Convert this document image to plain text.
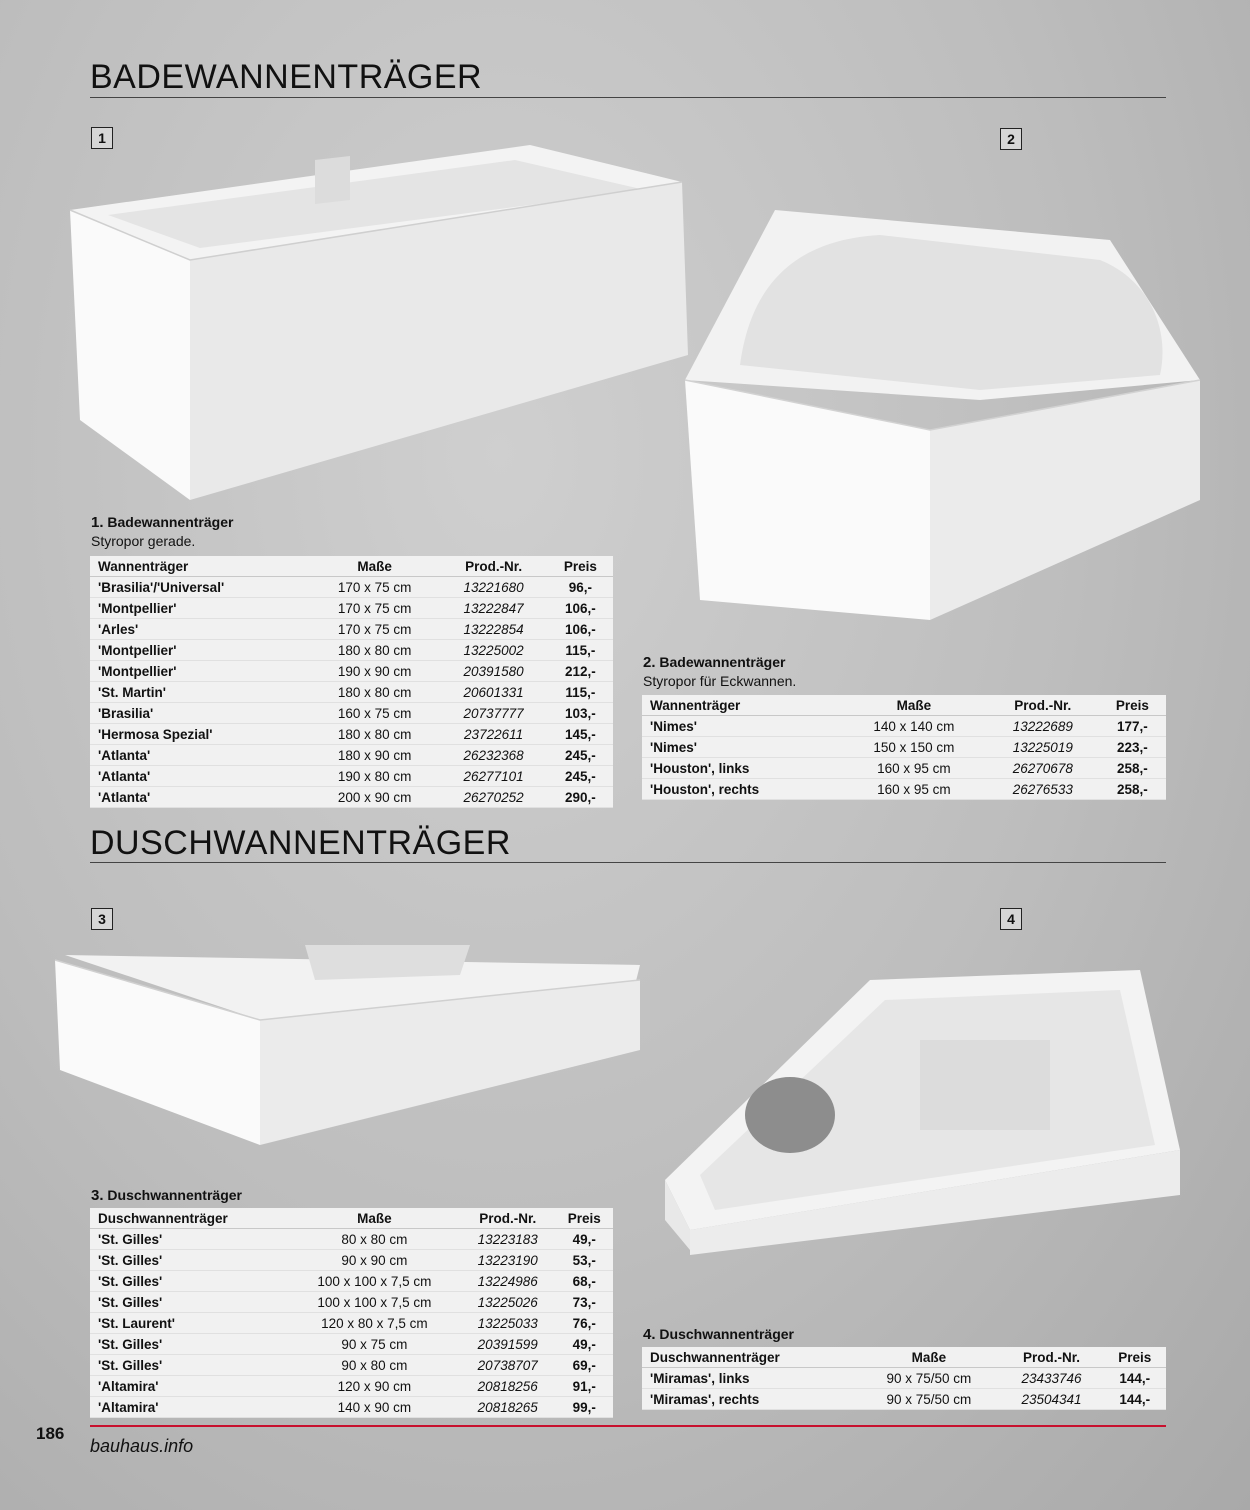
BADEWANNENTRÄGER
DUSCHWANNENTRÄGER
1	2
3	4
1. Badewannenträger
Styropor gerade.
Wannenträger	Maße	Prod.-Nr.	Preis
'Brasilia'/'Universal'	170 x 75 cm	13221680	96,-
'Montpellier'	170 x 75 cm	13222847	106,-
'Arles'	170 x 75 cm	13222854	106,-
'Montpellier'	180 x 80 cm	13225002	115,-
'Montpellier'	190 x 90 cm	20391580	212,-
'St. Martin'	180 x 80 cm	20601331	115,-
'Brasilia'	160 x 75 cm	20737777	103,-
'Hermosa Spezial'	180 x 80 cm	23722611	145,-
'Atlanta'	180 x 90 cm	26232368	245,-
'Atlanta'	190 x 80 cm	26277101	245,-
'Atlanta'	200 x 90 cm	26270252	290,-
2. Badewannenträger
Styropor für Eckwannen.
Wannenträger	Maße	Prod.-Nr.	Preis
'Nimes'	140 x 140 cm	13222689	177,-
'Nimes'	150 x 150 cm	13225019	223,-
'Houston', links	160 x 95 cm	26270678	258,-
'Houston', rechts	160 x 95 cm	26276533	258,-
3. Duschwannenträger
Duschwannenträger	Maße	Prod.-Nr.	Preis
'St. Gilles'	80 x 80 cm	13223183	49,-
'St. Gilles'	90 x 90 cm	13223190	53,-
'St. Gilles'	100 x 100 x 7,5 cm	13224986	68,-
'St. Gilles'	100 x 100 x 7,5 cm	13225026	73,-
'St. Laurent'	120 x 80 x 7,5 cm	13225033	76,-
'St. Gilles'	90 x 75 cm	20391599	49,-
'St. Gilles'	90 x 80 cm	20738707	69,-
'Altamira'	120 x 90 cm	20818256	91,-
'Altamira'	140 x 90 cm	20818265	99,-
4. Duschwannenträger
Duschwannenträger	Maße	Prod.-Nr.	Preis
'Miramas', links	90 x 75/50 cm	23433746	144,-
'Miramas', rechts	90 x 75/50 cm	23504341	144,-
186
bauhaus.info
